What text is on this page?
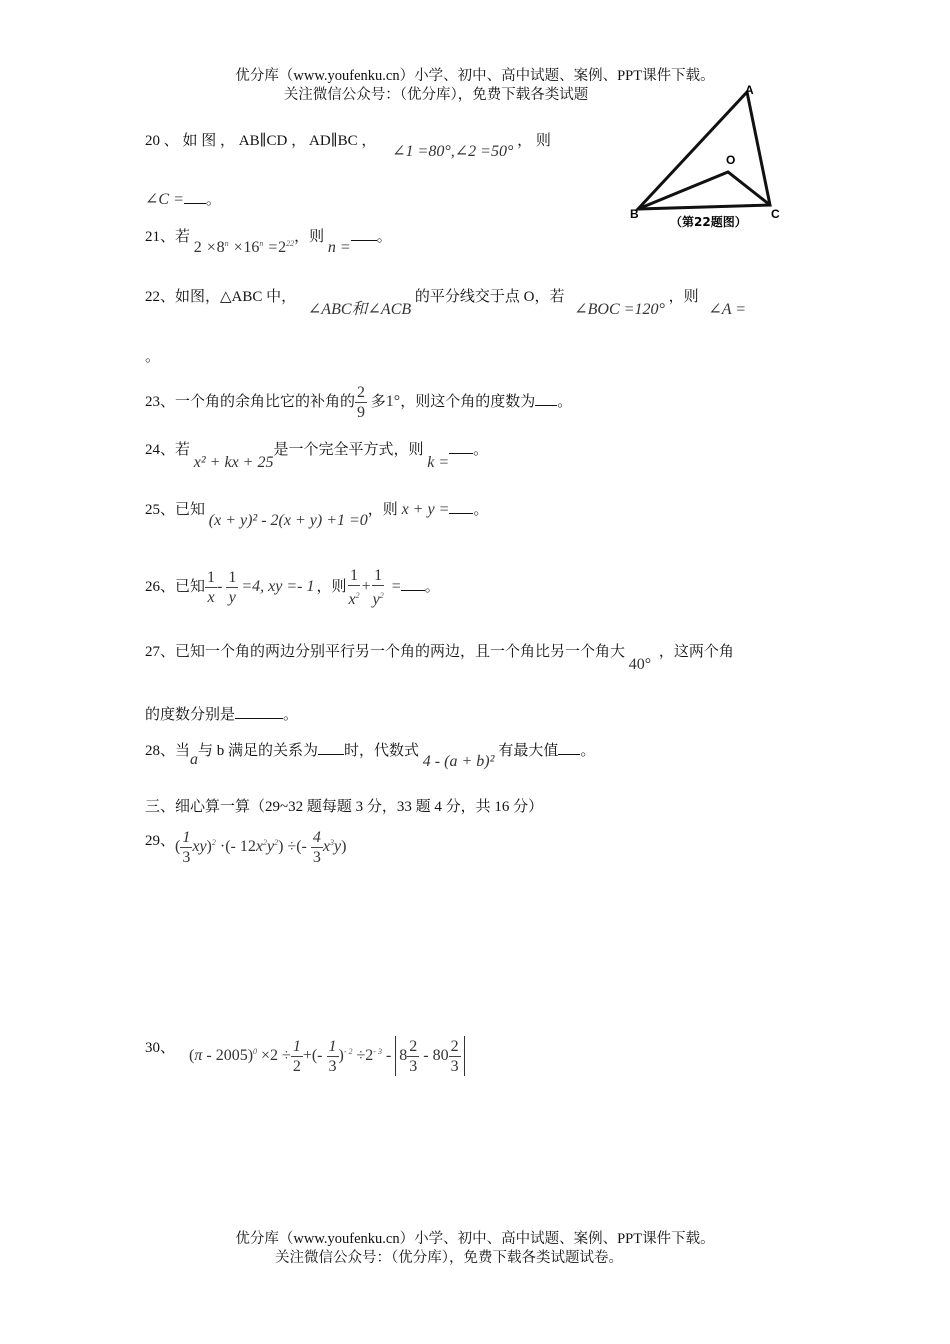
优分库（www.youfenku.cn）小学、初中、高中试题、案例、PPT课件下载。
关注微信公众号：（优分库），免费下载各类试题	A
O
B	C
（第22题图）
20 、 如 图 ， AB∥CD ， AD∥BC ， ∠1 =80°,∠2 =50° ， 则
∠C = 。
21、若 $2 \times 8^n \times 16^n =2^{22}$，则 n =。
22、如图，△ABC 中， ∠ABC和∠ACB 的平分线交于点 O，若 ∠BOC =120° ，则 ∠A =
。
23、一个角的余角比它的补角的 $\frac{2}{9}$ 多1°，则这个角的度数为 。
24、若 x² + kx + 25是一个完全平方式，则 k =。
25、已知 (x + y)² - 2(x + y) +1 =0，则 x + y = 。
26、已知 $\frac{1}{x} - \frac{1}{y} =4$, xy =- 1 ，则 $\frac{1}{x^2} + \frac{1}{y^2}$ = 。
27、已知一个角的两边分别平行另一个角的两边，且一个角比另一个角大 40° ，这两个角
的度数分别是	。
28、当a与 b 满足的关系为 时，代数式 4 - (a + b)²有最大值 。
三、细心算一算（29~32 题每题 3 分，33 题 4 分，共 16 分）
29、( $\frac{1}{3} xy)^2$ ·(- $12x^2y^2$) ÷(- $\frac{4}{3} x^3y$)
30、 $(\pi - 2005)^0 \times 2 \div \frac{1}{2}$ +(- $\frac{1}{3} )^{- 2} \div 2^{- 3} - 8 \frac{2}{3} - 80 \frac{2}{3}$
优分库（www.youfenku.cn）小学、初中、高中试题、案例、PPT课件下载。
关注微信公众号：（优分库），免费下载各类试题试卷。
